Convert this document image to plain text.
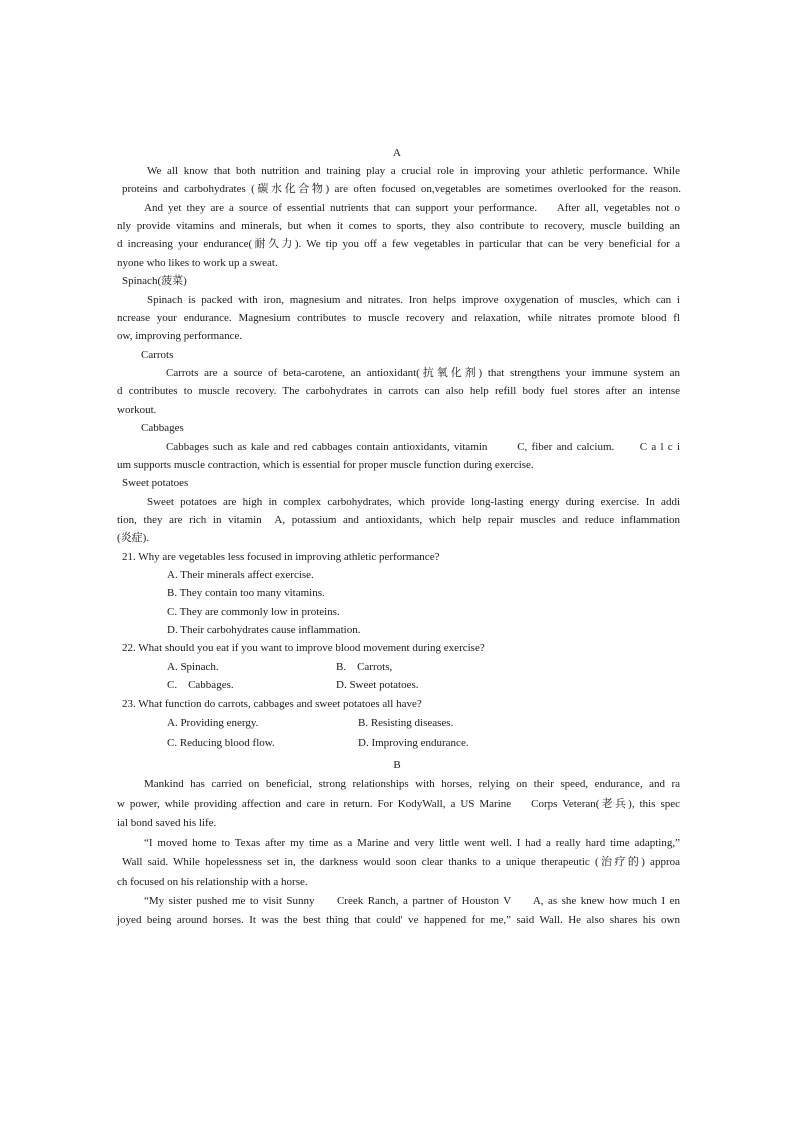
A
We all know that both nutrition and training play a crucial role in improving your athletic performance. While
proteins and carbohydrates (碳水化合物) are often focused on,vegetables are sometimes overlooked for the reason.
And yet they are a source of essential nutrients that can support your performance.    After all, vegetables not o
nly provide vitamins and minerals, but when it comes to sports, they also contribute to recovery, muscle building an
d increasing your endurance(耐久力). We tip you off a few vegetables in particular that can be very beneficial for a
nyone who likes to work up a sweat.
Spinach(菠菜)
Spinach is packed with iron, magnesium and nitrates. Iron helps improve oxygenation of muscles, which can i
ncrease your endurance. Magnesium contributes to muscle recovery and relaxation, while nitrates promote blood fl
ow, improving performance.
Carrots
Carrots are a source of beta-carotene, an antioxidant(抗氧化剂) that strengthens your immune system an
d contributes to muscle recovery. The carbohydrates in carrots can also help refill body fuel stores after an intense
workout.
Cabbages
Cabbages such as kale and red cabbages contain antioxidants, vitamin       C, fiber and calcium.      C a l c i
um supports muscle contraction, which is essential for proper muscle function during exercise.
Sweet potatoes
Sweet potatoes are high in complex carbohydrates, which provide long-lasting energy during exercise. In addi
tion, they are rich in vitamin  A, potassium and antioxidants, which help repair muscles and reduce inflammation
(炎症).
21. Why are vegetables less focused in improving athletic performance?
A. Their minerals affect exercise.
B. They contain too many vitamins.
C. They are commonly low in proteins.
D. Their carbohydrates cause inflammation.
22. What should you eat if you want to improve blood movement during exercise?
A. Spinach.	B.    Carrots,
C.    Cabbages.	D. Sweet potatoes.
23. What function do carrots, cabbages and sweet potatoes all have?
A. Providing energy.	B. Resisting diseases.
C. Reducing blood flow.	D. Improving endurance.
B
Mankind has carried on beneficial, strong relationships with horses, relying on their speed, endurance, and ra
w power, while providing affection and care in return. For KodyWall, a US Marine    Corps Veteran(老兵), this spec
ial bond saved his life.
“I moved home to Texas after my time as a Marine and very little went well. I had a really hard time adapting,”
Wall said. While hopelessness set in, the darkness would soon clear thanks to a unique therapeutic (治疗的) approa
ch focused on his relationship with a horse.
“My sister pushed me to visit Sunny     Creek Ranch, a partner of Houston V     A, as she knew how much I en
joyed being around horses. It was the best thing that could' ve happened for me,” said Wall. He also shares his own
